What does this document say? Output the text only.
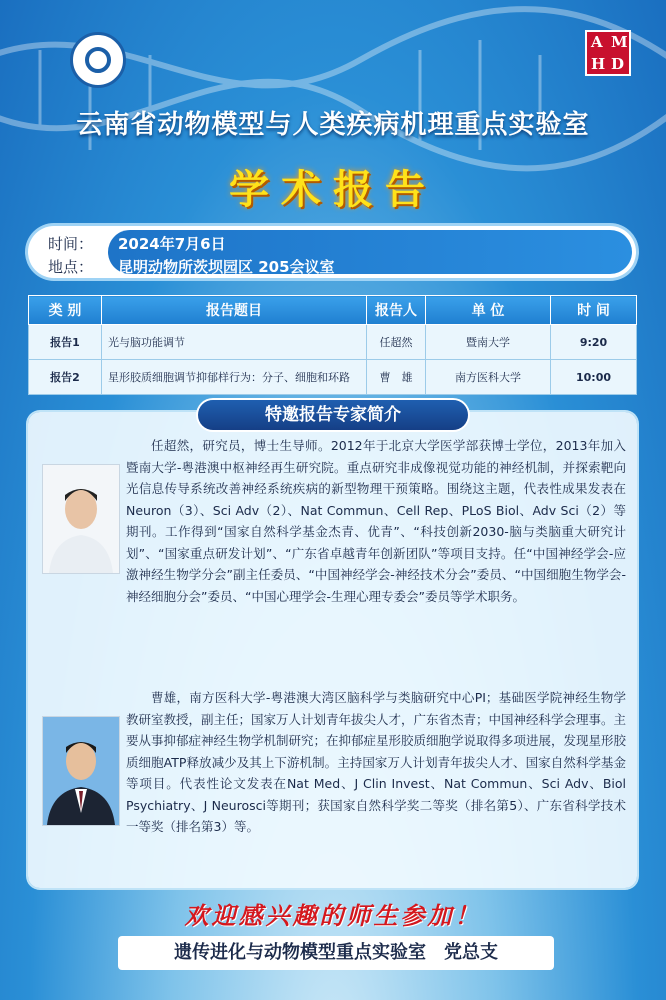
A M
H D
云南省动物模型与人类疾病机理重点实验室
学术报告
时间： 2024年7月6日
地点： 昆明动物所茨坝园区 205会议室
类 别	报告题目	报告人	单 位	时 间
报告1	光与脑功能调节	任超然	暨南大学	9:20
报告2	星形胶质细胞调节抑郁样行为：分子、细胞和环路	曹　雄	南方医科大学	10:00
特邀报告专家简介
任超然，研究员，博士生导师。2012年于北京大学医学部获博士学位，2013年加入暨南大学-粤港澳中枢神经再生研究院。重点研究非成像视觉功能的神经机制，并探索靶向光信息传导系统改善神经系统疾病的新型物理干预策略。围绕这主题，代表性成果发表在Neuron（3）、Sci Adv（2）、Nat Commun、Cell Rep、PLoS Biol、Adv Sci（2）等期刊。工作得到“国家自然科学基金杰青、优青”、“科技创新2030-脑与类脑重大研究计划”、“国家重点研发计划”、“广东省卓越青年创新团队”等项目支持。任“中国神经学会-应激神经生物学分会”副主任委员、“中国神经学会-神经技术分会”委员、“中国细胞生物学会-神经细胞分会”委员、“中国心理学会-生理心理专委会”委员等学术职务。
曹雄，南方医科大学-粤港澳大湾区脑科学与类脑研究中心PI；基础医学院神经生物学教研室教授，副主任；国家万人计划青年拔尖人才，广东省杰青；中国神经科学会理事。主要从事抑郁症神经生物学机制研究；在抑郁症星形胶质细胞学说取得多项进展，发现星形胶质细胞ATP释放减少及其上下游机制。主持国家万人计划青年拔尖人才、国家自然科学基金等项目。代表性论文发表在Nat Med、J Clin Invest、Nat Commun、Sci Adv、Biol Psychiatry、J Neurosci等期刊；获国家自然科学奖二等奖（排名第5）、广东省科学技术一等奖（排名第3）等。
欢迎感兴趣的师生参加！
遗传进化与动物模型重点实验室　党总支
